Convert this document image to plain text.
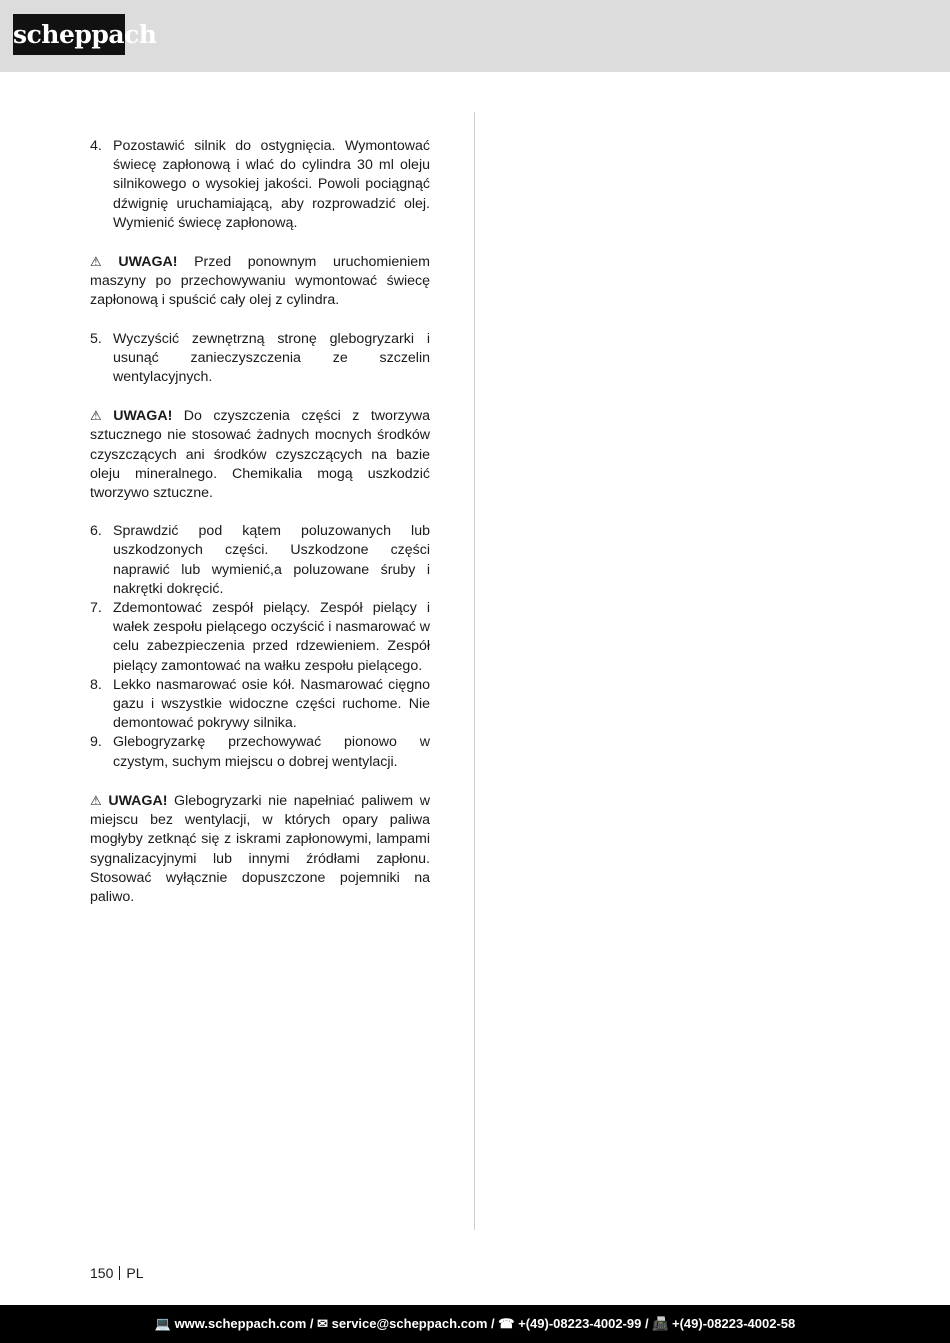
scheppach
4. Pozostawić silnik do ostygnięcia. Wymontować świecę zapłonową i wlać do cylindra 30 ml oleju silnikowego o wysokiej jakości. Powoli pociągnąć dźwignię uruchamiającą, aby rozprowadzić olej. Wymienić świecę zapłonową.

⚠ UWAGA! Przed ponownym uruchomieniem maszyny po przechowywaniu wymontować świecę zapłonową i spuścić cały olej z cylindra.

5. Wyczyścić zewnętrzną stronę glebogryzarki i usunąć zanieczyszczenia ze szczelin wentylacyjnych.

⚠ UWAGA! Do czyszczenia części z tworzywa sztucznego nie stosować żadnych mocnych środków czyszczących ani środków czyszczących na bazie oleju mineralnego. Chemikalia mogą uszkodzić tworzywo sztuczne.

6. Sprawdzić pod kątem poluzowanych lub uszkodzonych części. Uszkodzone części naprawić lub wymienić,a poluzowane śruby i nakrętki dokręcić.
7. Zdemontować zespół pielący. Zespół pielący i wałek zespołu pielącego oczyścić i nasmarować w celu zabezpieczenia przed rdzewieniem. Zespół pielący zamontować na wałku zespołu pielącego.
8. Lekko nasmarować osie kół. Nasmarować cięgno gazu i wszystkie widoczne części ruchome. Nie demontować pokrywy silnika.
9. Glebogryzarkę przechowywać pionowo w czystym, suchym miejscu o dobrej wentylacji.

⚠ UWAGA! Glebogryzarki nie napełniać paliwem w miejscu bez wentylacji, w których opary paliwa mogłyby zetknąć się z iskrami zapłonowymi, lampami sygnalizacyjnymi lub innymi źródłami zapłonu. Stosować wyłącznie dopuszczone pojemniki na paliwo.

150 PL
💻 www.scheppach.com / ✉ service@scheppach.com / ☎ +(49)-08223-4002-99 / 📠 +(49)-08223-4002-58
